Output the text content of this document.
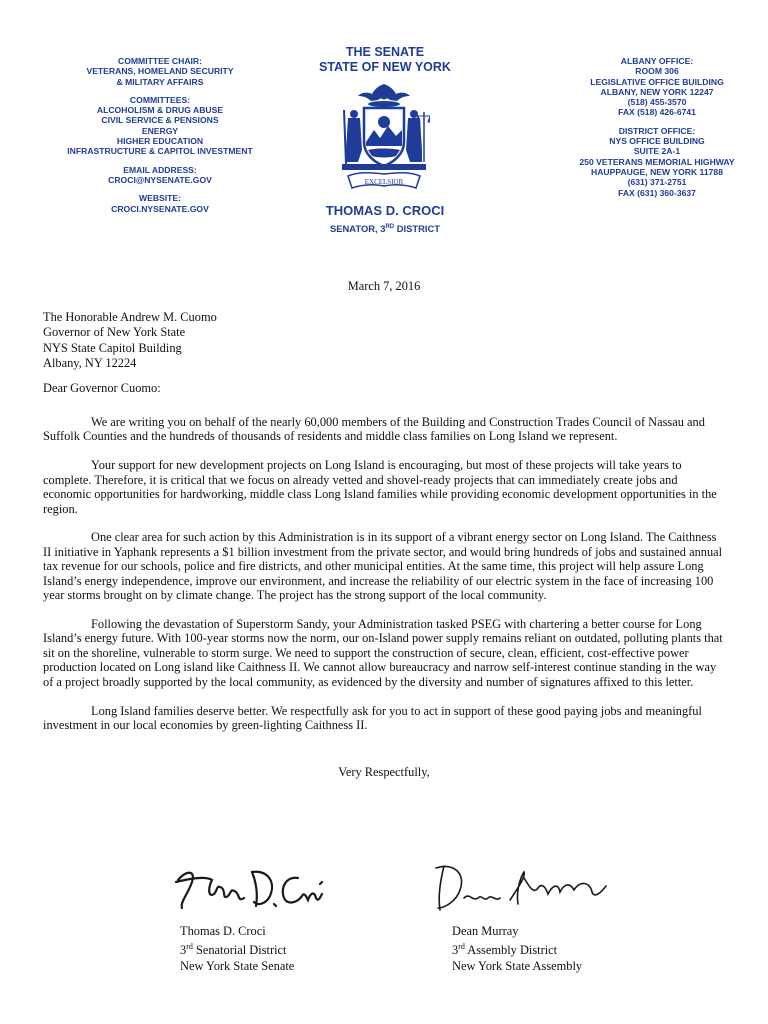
COMMITTEE CHAIR:
VETERANS, HOMELAND SECURITY
& MILITARY AFFAIRS
COMMITTEES:
ALCOHOLISM & DRUG ABUSE
CIVIL SERVICE & PENSIONS
ENERGY
HIGHER EDUCATION
INFRASTRUCTURE & CAPITOL INVESTMENT
EMAIL ADDRESS:
CROCI@NYSENATE.GOV
WEBSITE:
CROCI.NYSENATE.GOV
THE SENATE
STATE OF NEW YORK
EXCELSIOR
THOMAS D. CROCI
SENATOR, 3RD DISTRICT
ALBANY OFFICE:
ROOM 306
LEGISLATIVE OFFICE BUILDING
ALBANY, NEW YORK 12247
(518) 455-3570
FAX (518) 426-6741
DISTRICT OFFICE:
NYS OFFICE BUILDING
SUITE 2A-1
250 VETERANS MEMORIAL HIGHWAY
HAUPPAUGE, NEW YORK 11788
(631) 371-2751
FAX (631) 360-3637
March 7, 2016
The Honorable Andrew M. Cuomo
Governor of New York State
NYS State Capitol Building
Albany, NY 12224
Dear Governor Cuomo:

We are writing you on behalf of the nearly 60,000 members of the Building and Construction Trades Council of Nassau and Suffolk Counties and the hundreds of thousands of residents and middle class families on Long Island we represent.

Your support for new development projects on Long Island is encouraging, but most of these projects will take years to complete. Therefore, it is critical that we focus on already vetted and shovel-ready projects that can immediately create jobs and economic opportunities for hardworking, middle class Long Island families while providing economic development opportunities in the region.

One clear area for such action by this Administration is in its support of a vibrant energy sector on Long Island. The Caithness II initiative in Yaphank represents a $1 billion investment from the private sector, and would bring hundreds of jobs and sustained annual tax revenue for our schools, police and fire districts, and other municipal entities. At the same time, this project will help assure Long Island’s energy independence, improve our environment, and increase the reliability of our electric system in the face of increasing 100 year storms brought on by climate change. The project has the strong support of the local community.

Following the devastation of Superstorm Sandy, your Administration tasked PSEG with chartering a better course for Long Island’s energy future. With 100-year storms now the norm, our on-Island power supply remains reliant on outdated, polluting plants that sit on the shoreline, vulnerable to storm surge. We need to support the construction of secure, clean, efficient, cost-effective power production located on Long island like Caithness II. We cannot allow bureaucracy and narrow self-interest continue standing in the way of a project broadly supported by the local community, as evidenced by the diversity and number of signatures affixed to this letter.

Long Island families deserve better. We respectfully ask for you to act in support of these good paying jobs and meaningful investment in our local economies by green-lighting Caithness II.

Very Respectfully,
Thomas D. Croci
3rd Senatorial District
New York State Senate
Dean Murray
3rd Assembly District
New York State Assembly
